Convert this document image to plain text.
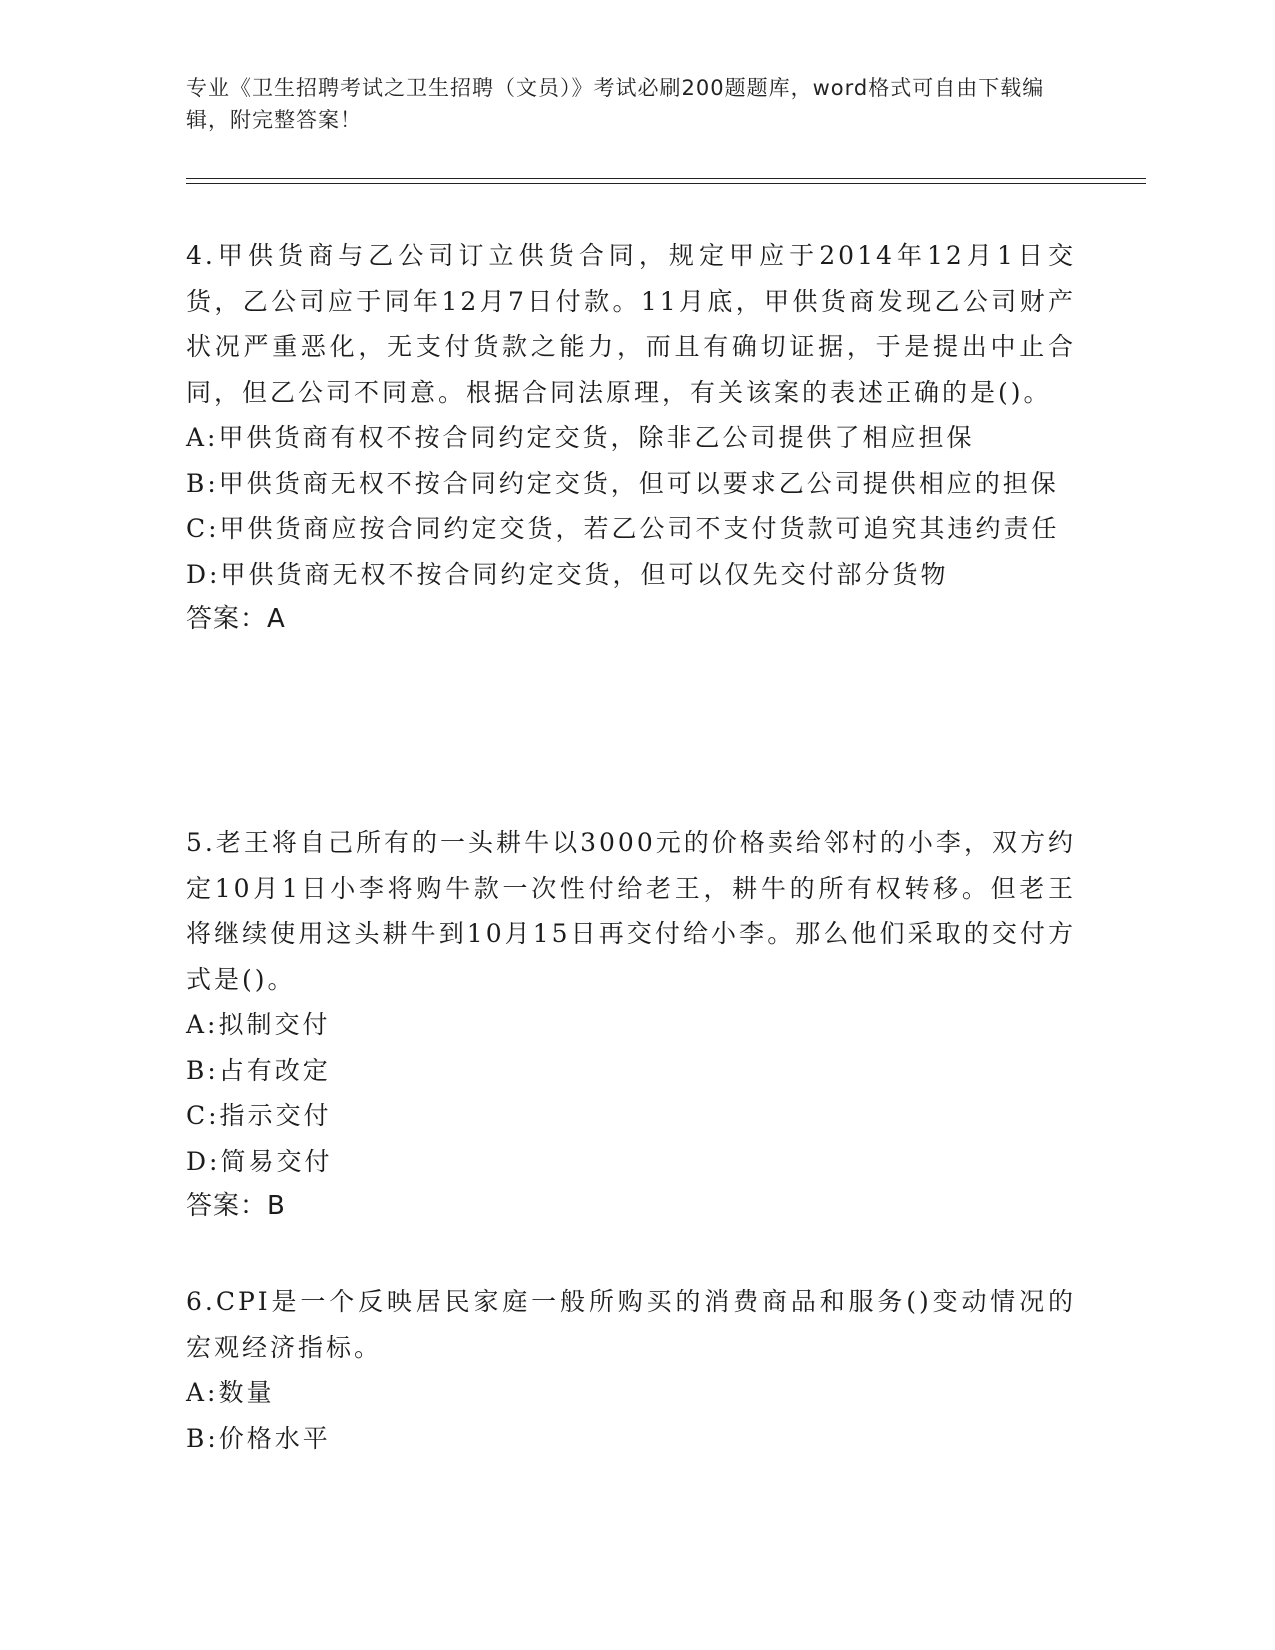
专业《卫生招聘考试之卫生招聘（文员）》考试必刷200题题库，word格式可自由下载编辑，附完整答案！

4.甲供货商与乙公司订立供货合同，规定甲应于2014年12月1日交货，乙公司应于同年12月7日付款。11月底，甲供货商发现乙公司财产状况严重恶化，无支付货款之能力，而且有确切证据，于是提出中止合同，但乙公司不同意。根据合同法原理，有关该案的表述正确的是()。

A:甲供货商有权不按合同约定交货，除非乙公司提供了相应担保

B:甲供货商无权不按合同约定交货，但可以要求乙公司提供相应的担保

C:甲供货商应按合同约定交货，若乙公司不支付货款可追究其违约责任

D:甲供货商无权不按合同约定交货，但可以仅先交付部分货物

答案：A

5.老王将自己所有的一头耕牛以3000元的价格卖给邻村的小李，双方约定10月1日小李将购牛款一次性付给老王，耕牛的所有权转移。但老王将继续使用这头耕牛到10月15日再交付给小李。那么他们采取的交付方式是()。

A:拟制交付

B:占有改定

C:指示交付

D:简易交付

答案：B

6.CPI是一个反映居民家庭一般所购买的消费商品和服务()变动情况的宏观经济指标。

A:数量

B:价格水平
